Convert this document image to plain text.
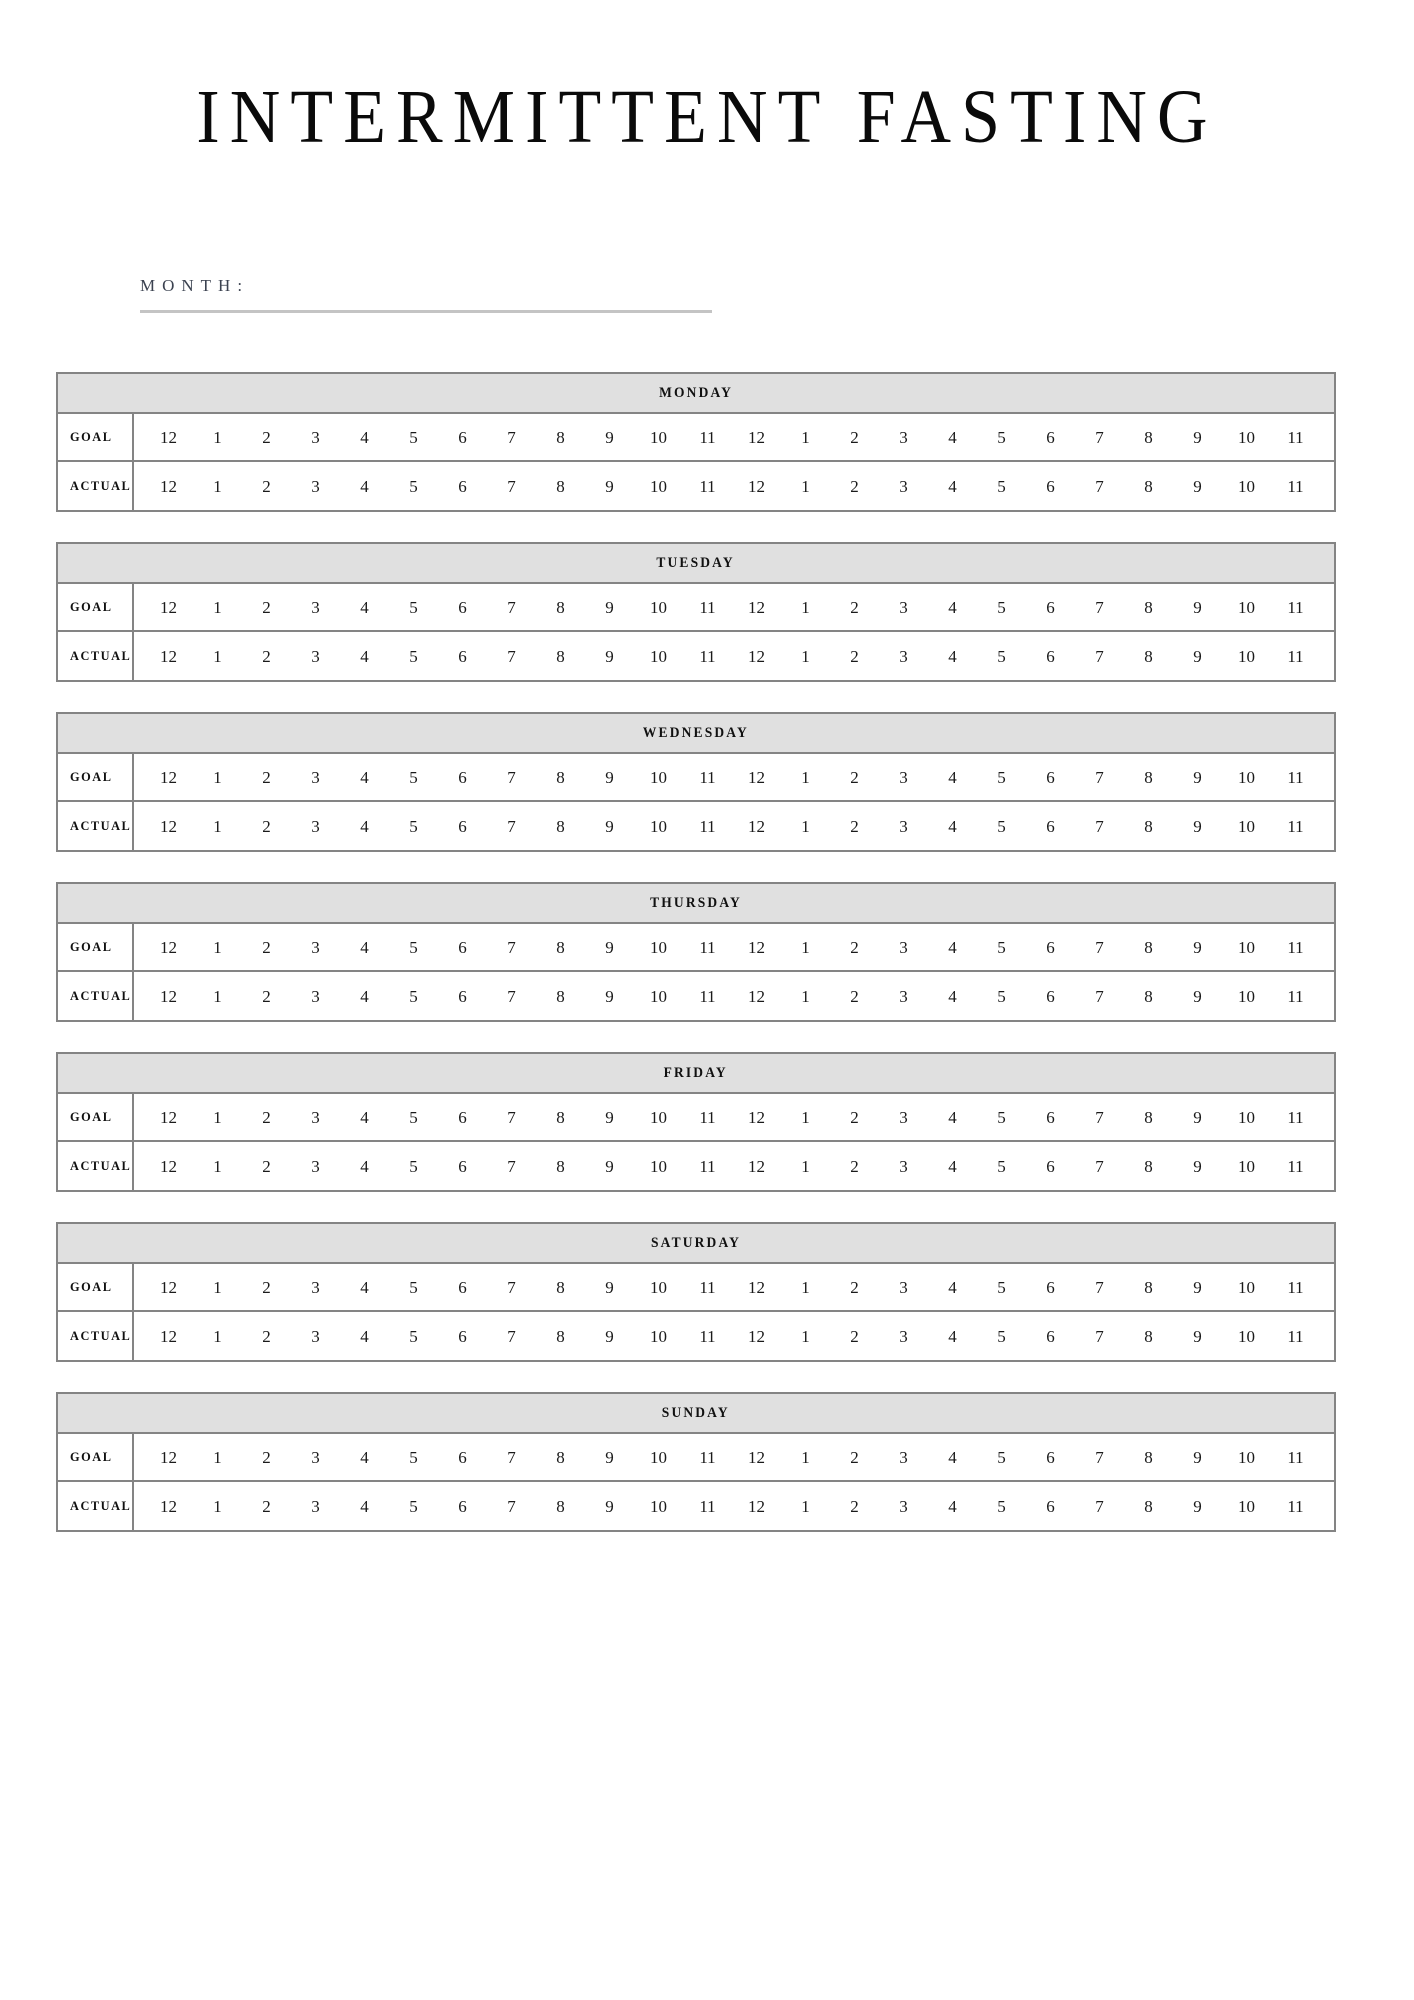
INTERMITTENT FASTING
MONTH:
MONDAY
GOAL	12	1	2	3	4	5	6	7	8	9	10	11	12	1	2	3	4	5	6	7	8	9	10	11
ACTUAL	12	1	2	3	4	5	6	7	8	9	10	11	12	1	2	3	4	5	6	7	8	9	10	11
TUESDAY
GOAL	12	1	2	3	4	5	6	7	8	9	10	11	12	1	2	3	4	5	6	7	8	9	10	11
ACTUAL	12	1	2	3	4	5	6	7	8	9	10	11	12	1	2	3	4	5	6	7	8	9	10	11
WEDNESDAY
GOAL	12	1	2	3	4	5	6	7	8	9	10	11	12	1	2	3	4	5	6	7	8	9	10	11
ACTUAL	12	1	2	3	4	5	6	7	8	9	10	11	12	1	2	3	4	5	6	7	8	9	10	11
THURSDAY
GOAL	12	1	2	3	4	5	6	7	8	9	10	11	12	1	2	3	4	5	6	7	8	9	10	11
ACTUAL	12	1	2	3	4	5	6	7	8	9	10	11	12	1	2	3	4	5	6	7	8	9	10	11
FRIDAY
GOAL	12	1	2	3	4	5	6	7	8	9	10	11	12	1	2	3	4	5	6	7	8	9	10	11
ACTUAL	12	1	2	3	4	5	6	7	8	9	10	11	12	1	2	3	4	5	6	7	8	9	10	11
SATURDAY
GOAL	12	1	2	3	4	5	6	7	8	9	10	11	12	1	2	3	4	5	6	7	8	9	10	11
ACTUAL	12	1	2	3	4	5	6	7	8	9	10	11	12	1	2	3	4	5	6	7	8	9	10	11
SUNDAY
GOAL	12	1	2	3	4	5	6	7	8	9	10	11	12	1	2	3	4	5	6	7	8	9	10	11
ACTUAL	12	1	2	3	4	5	6	7	8	9	10	11	12	1	2	3	4	5	6	7	8	9	10	11
